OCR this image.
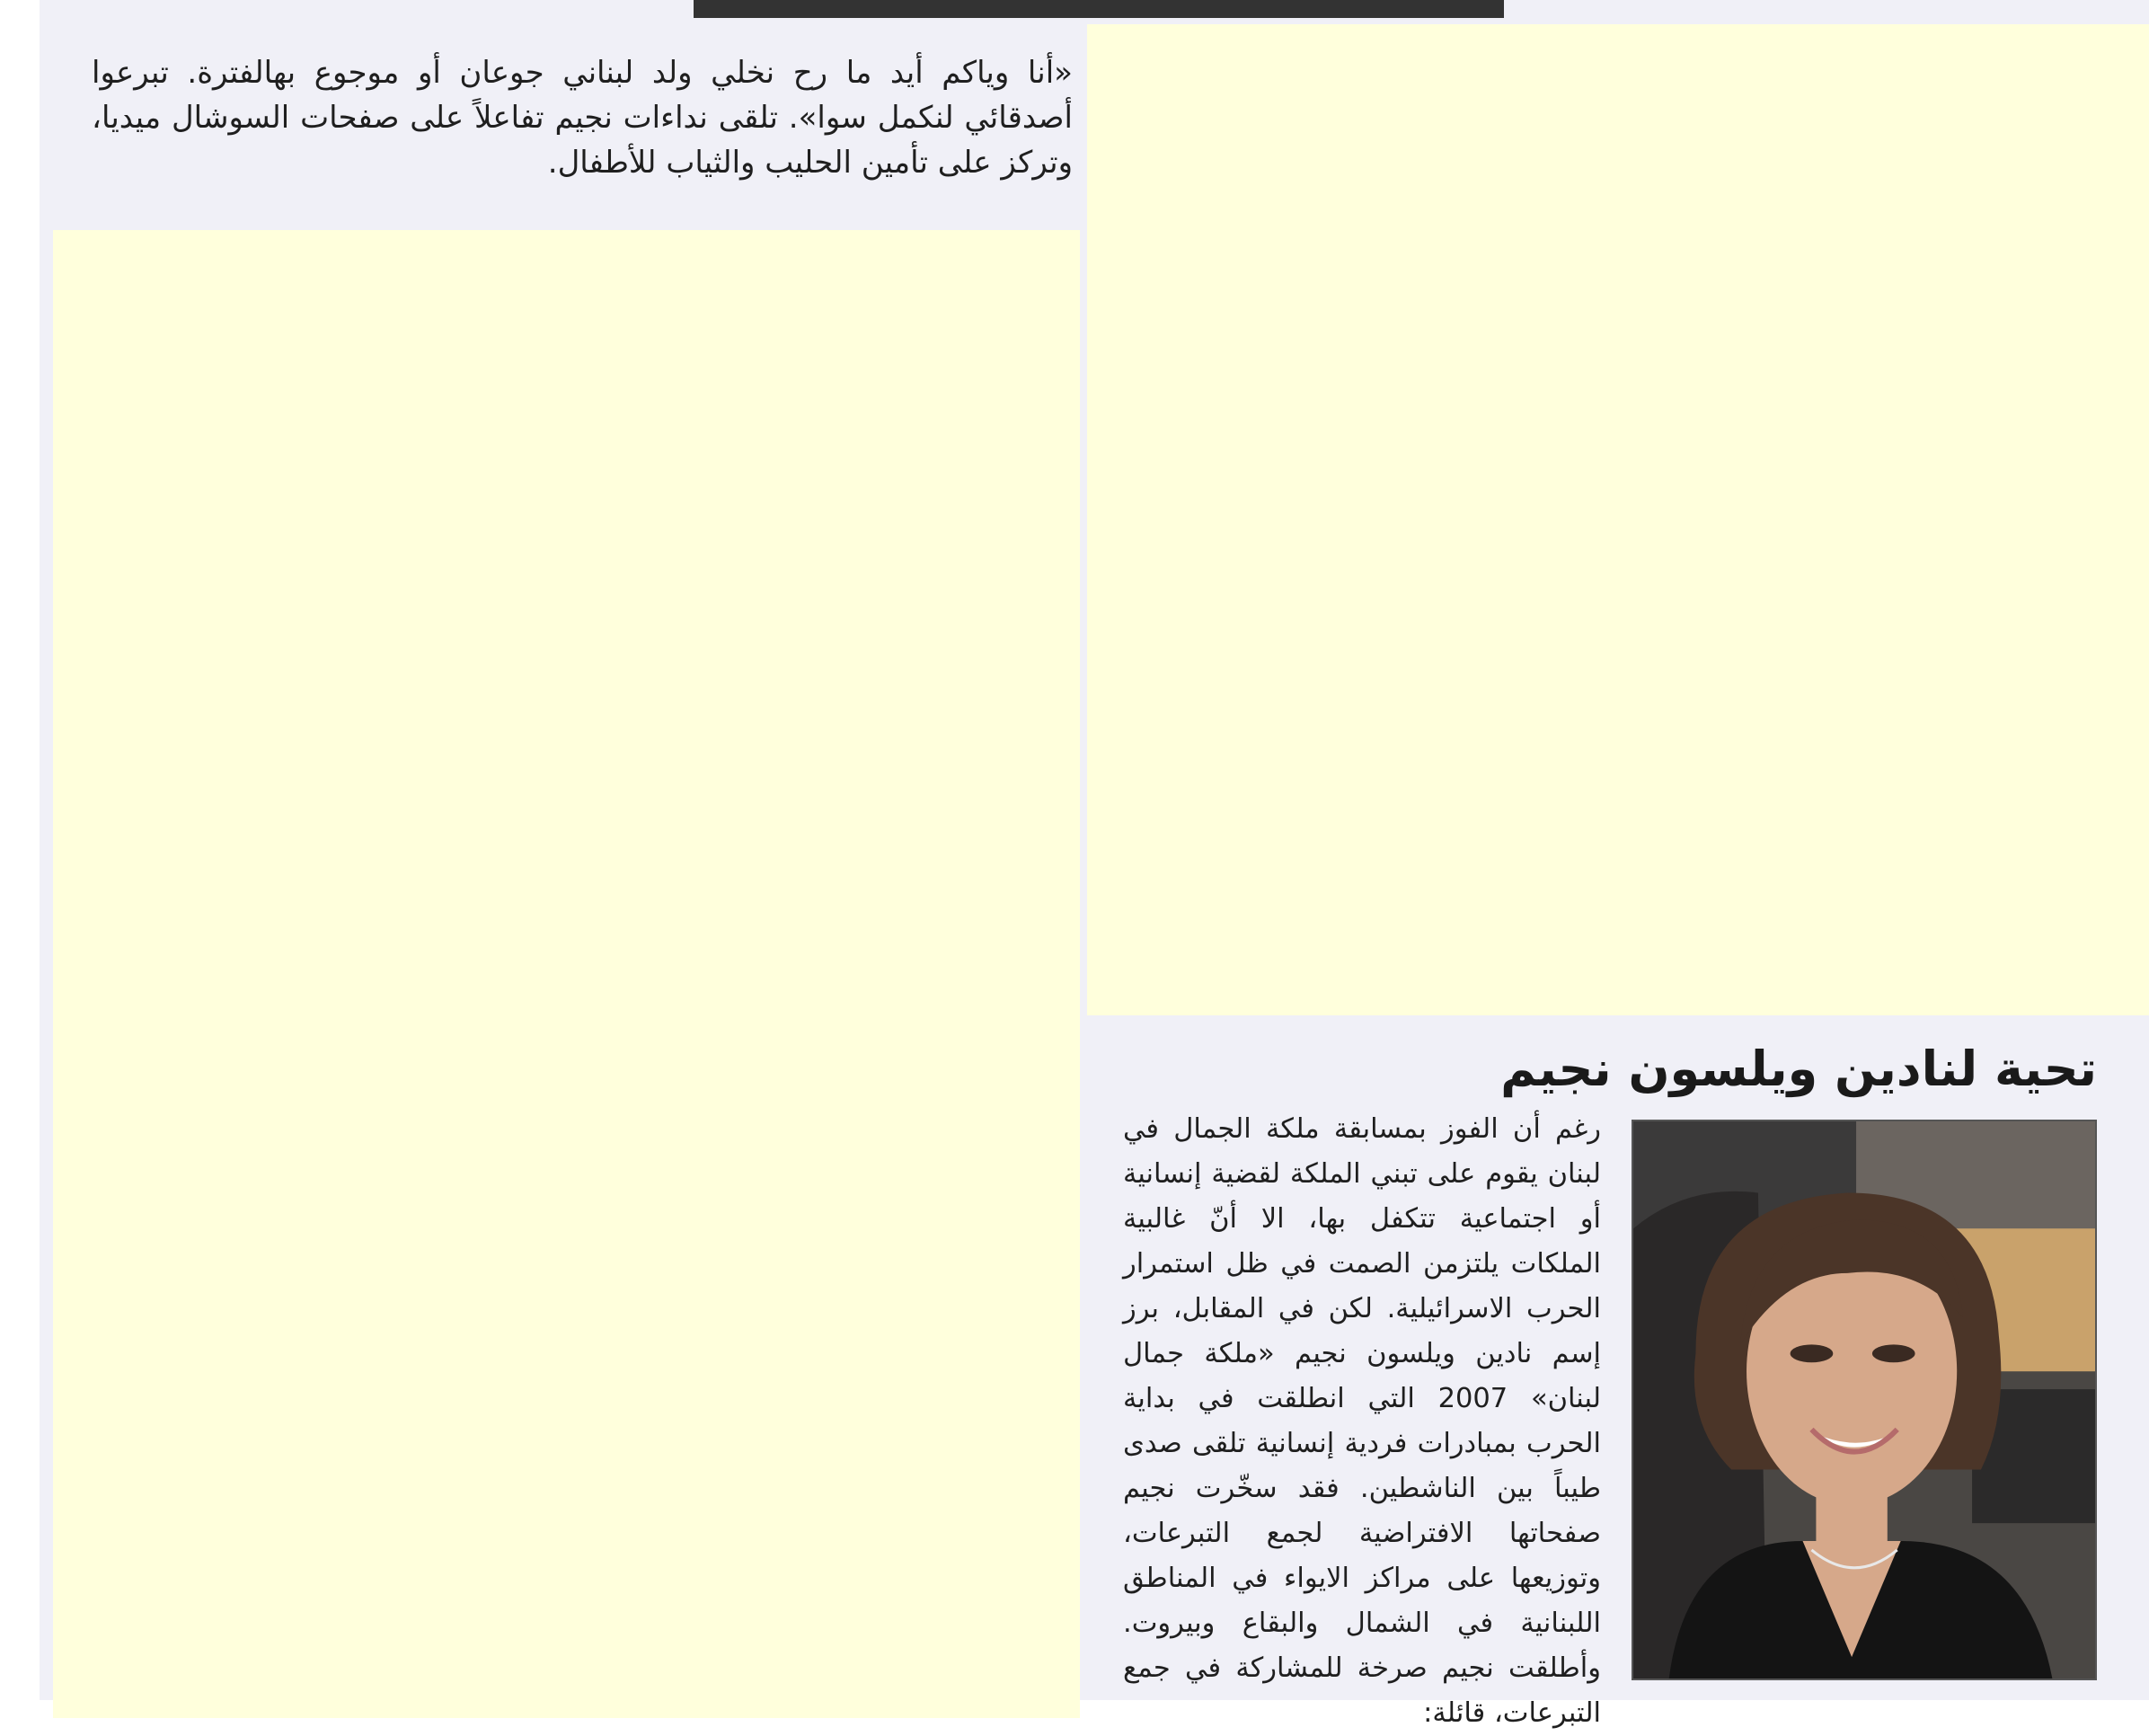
«أنا وياكم أيد ما رح نخلي ولد لبناني جوعان أو موجوع بهالفترة. تبرعوا أصدقائي لنكمل سوا». تلقى نداءات نجيم تفاعلاً على صفحات السوشال ميديا، وتركز على تأمين الحليب والثياب للأطفال.

تحية لنادين ويلسون نجيم

رغم أن الفوز بمسابقة ملكة الجمال في لبنان يقوم على تبني الملكة لقضية إنسانية أو اجتماعية تتكفل بها، الا أنّ غالبية الملكات يلتزمن الصمت في ظل استمرار الحرب الاسرائيلية. لكن في المقابل، برز إسم نادين ويلسون نجيم «ملكة جمال لبنان» 2007 التي انطلقت في بداية الحرب بمبادرات فردية إنسانية تلقى صدى طيباً بين الناشطين. فقد سخّرت نجيم صفحاتها الافتراضية لجمع التبرعات، وتوزيعها على مراكز الايواء في المناطق اللبنانية في الشمال والبقاع وبيروت. وأطلقت نجيم صرخة للمشاركة في جمع التبرعات، قائلة:
